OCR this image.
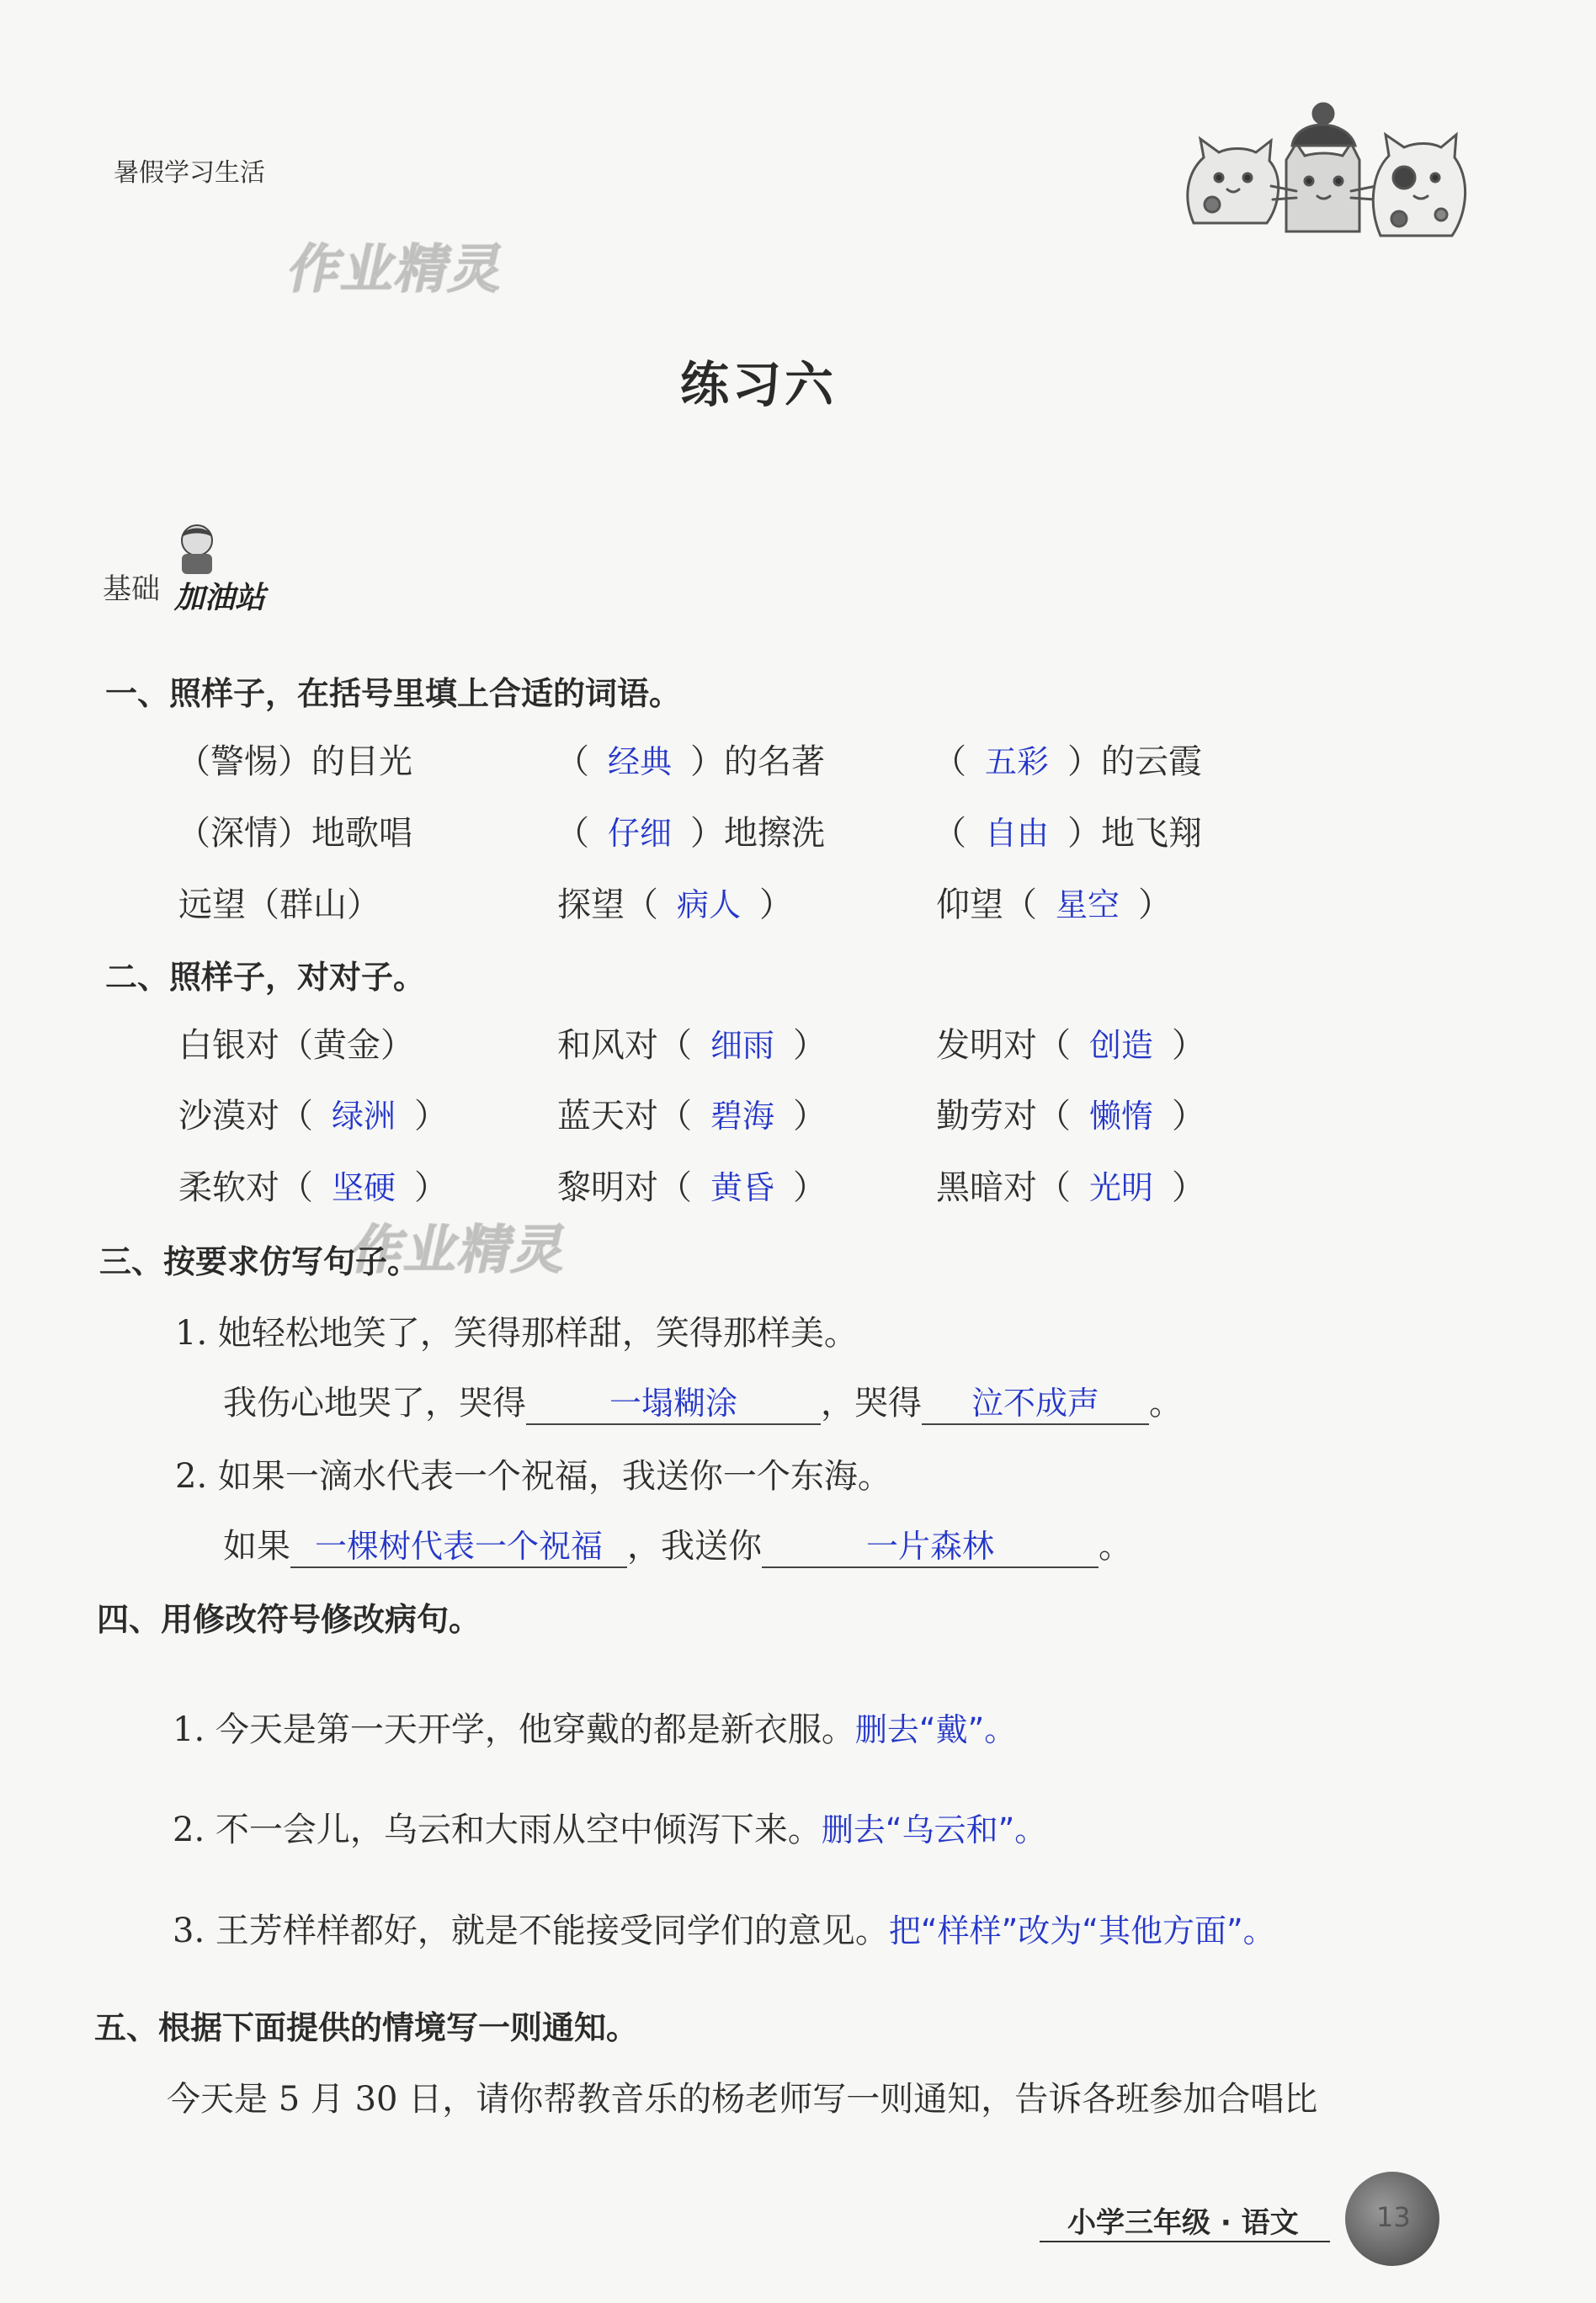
暑假学习生活
作业精灵
作业精灵
练习六
基础 加油站
一、照样子，在括号里填上合适的词语。
（警惕）的目光	（ 经典 ）的名著	（ 五彩 ）的云霞
（深情）地歌唱	（ 仔细 ）地擦洗	（ 自由 ）地飞翔
远望（群山）	探望（ 病人 ）	仰望（ 星空 ）
二、照样子，对对子。
白银对（黄金）	和风对（ 细雨 ）	发明对（ 创造 ）
沙漠对（ 绿洲 ）	蓝天对（ 碧海 ）	勤劳对（ 懒惰 ）
柔软对（ 坚硬 ）	黎明对（ 黄昏 ）	黑暗对（ 光明 ）
三、按要求仿写句子。
1. 她轻松地笑了，笑得那样甜，笑得那样美。
我伤心地哭了，哭得	一塌糊涂 ，哭得 泣不成声 。
2. 如果一滴水代表一个祝福，我送你一个东海。
如果 一棵树代表一个祝福 ，我送你	一片森林	。
四、用修改符号修改病句。
1. 今天是第一天开学，他穿戴的都是新衣服。删去“戴”。
2. 不一会儿，乌云和大雨从空中倾泻下来。删去“乌云和”。
3. 王芳样样都好，就是不能接受同学们的意见。把“样样”改为“其他方面”。
五、根据下面提供的情境写一则通知。
今天是 5 月 30 日，请你帮教音乐的杨老师写一则通知，告诉各班参加合唱比
小学三年级 · 语文	13
